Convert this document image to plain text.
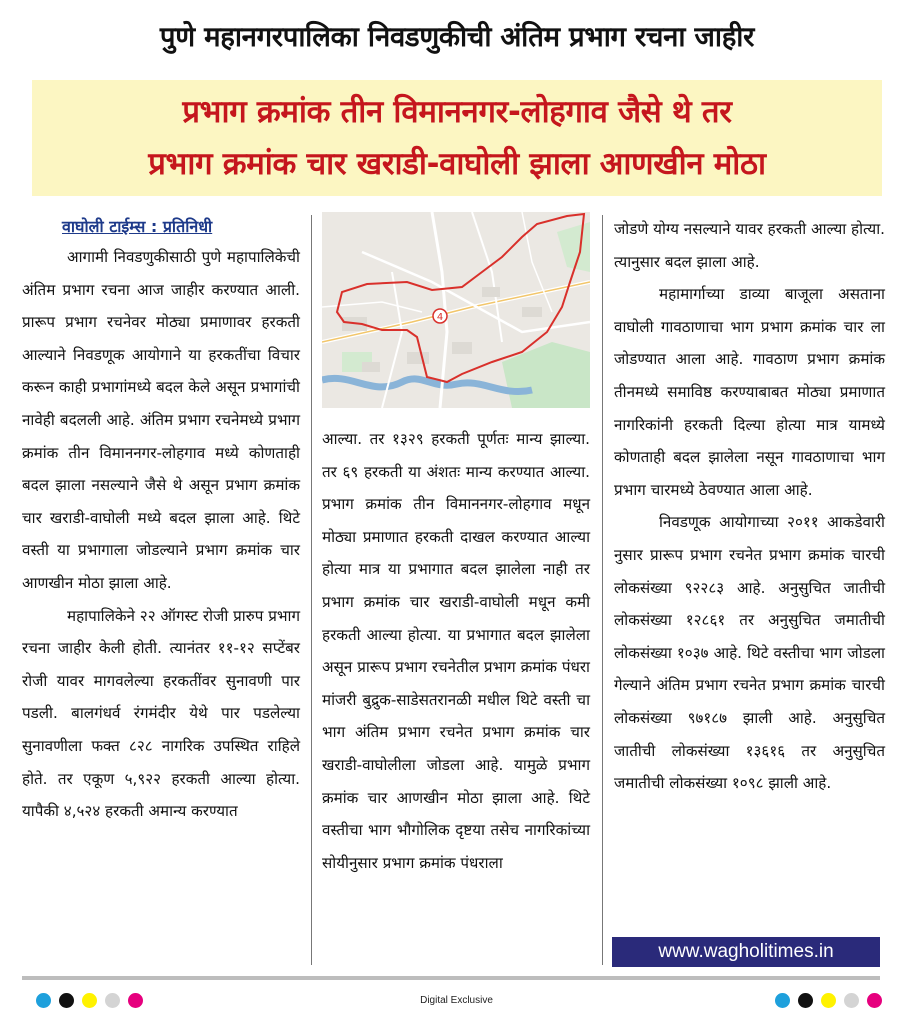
पुणे महानगरपालिका निवडणुकीची अंतिम प्रभाग रचना जाहीर
प्रभाग क्रमांक तीन विमाननगर-लोहगाव जैसे थे तर
प्रभाग क्रमांक चार खराडी-वाघोली झाला आणखीन मोठा
वाघोली टाईम्स : प्रतिनिधी

आगामी निवडणुकीसाठी पुणे महापालिकेची अंतिम प्रभाग रचना आज जाहीर करण्यात आली. प्रारूप प्रभाग रचनेवर मोठ्या प्रमाणावर हरकती आल्याने निवडणूक आयोगाने या हरकतींचा विचार करून काही प्रभागांमध्ये बदल केले असून प्रभागांची नावेही बदलली आहे. अंतिम प्रभाग रचनेमध्ये प्रभाग क्रमांक तीन विमाननगर-लोहगाव मध्ये कोणताही बदल झाला नसल्याने जैसे थे असून प्रभाग क्रमांक चार खराडी-वाघोली मध्ये बदल झाला आहे. थिटे वस्ती या प्रभागाला जोडल्याने प्रभाग क्रमांक चार आणखीन मोठा झाला आहे.

महापालिकेने २२ ऑगस्ट रोजी प्रारुप प्रभाग रचना जाहीर केली होती. त्यानंतर ११-१२ सप्टेंबर रोजी यावर मागवलेल्या हरकतींवर सुनावणी पार पडली. बालगंधर्व रंगमंदीर येथे पार पडलेल्या सुनावणीला फक्त ८२८ नागरिक उपस्थित राहिले होते. तर एकूण ५,९२२ हरकती आल्या होत्या. यापैकी ४,५२४ हरकती अमान्य करण्यात

4

आल्या. तर १३२९ हरकती पूर्णतः मान्य झाल्या. तर ६९ हरकती या अंशतः मान्य करण्यात आल्या. प्रभाग क्रमांक तीन विमाननगर-लोहगाव मधून मोठ्या प्रमाणात हरकती दाखल करण्यात आल्या होत्या मात्र या प्रभागात बदल झालेला नाही तर प्रभाग क्रमांक चार खराडी-वाघोली मधून कमी हरकती आल्या होत्या. या प्रभागात बदल झालेला असून प्रारूप प्रभाग रचनेतील प्रभाग क्रमांक पंधरा मांजरी बुद्रुक-साडेसतरानळी मधील थिटे वस्ती चा भाग अंतिम प्रभाग रचनेत प्रभाग क्रमांक चार खराडी-वाघोलीला जोडला आहे. यामुळे प्रभाग क्रमांक चार आणखीन मोठा झाला आहे. थिटे वस्तीचा भाग भौगोलिक दृष्टया तसेच नागरिकांच्या सोयीनुसार प्रभाग क्रमांक पंधराला

जोडणे योग्य नसल्याने यावर हरकती आल्या होत्या. त्यानुसार बदल झाला आहे.

महामार्गाच्या डाव्या बाजूला असताना वाघोली गावठाणाचा भाग प्रभाग क्रमांक चार ला जोडण्यात आला आहे. गावठाण प्रभाग क्रमांक तीनमध्ये समाविष्ठ करण्याबाबत मोठ्या प्रमाणात नागरिकांनी हरकती दिल्या होत्या मात्र यामध्ये कोणताही बदल झालेला नसून गावठाणाचा भाग प्रभाग चारमध्ये ठेवण्यात आला आहे.

निवडणूक आयोगाच्या २०११ आकडेवारी नुसार प्रारूप प्रभाग रचनेत प्रभाग क्रमांक चारची लोकसंख्या ९२२८३ आहे. अनुसुचित जातीची लोकसंख्या १२८६१ तर अनुसुचित जमातीची लोकसंख्या १०३७ आहे. थिटे वस्तीचा भाग जोडला गेल्याने अंतिम प्रभाग रचनेत प्रभाग क्रमांक चारची लोकसंख्या ९७१८७ झाली आहे. अनुसुचित जातीची लोकसंख्या १३६१६ तर अनुसुचित जमातीची लोकसंख्या १०९८ झाली आहे.

www.wagholitimes.in
Digital Exclusive
